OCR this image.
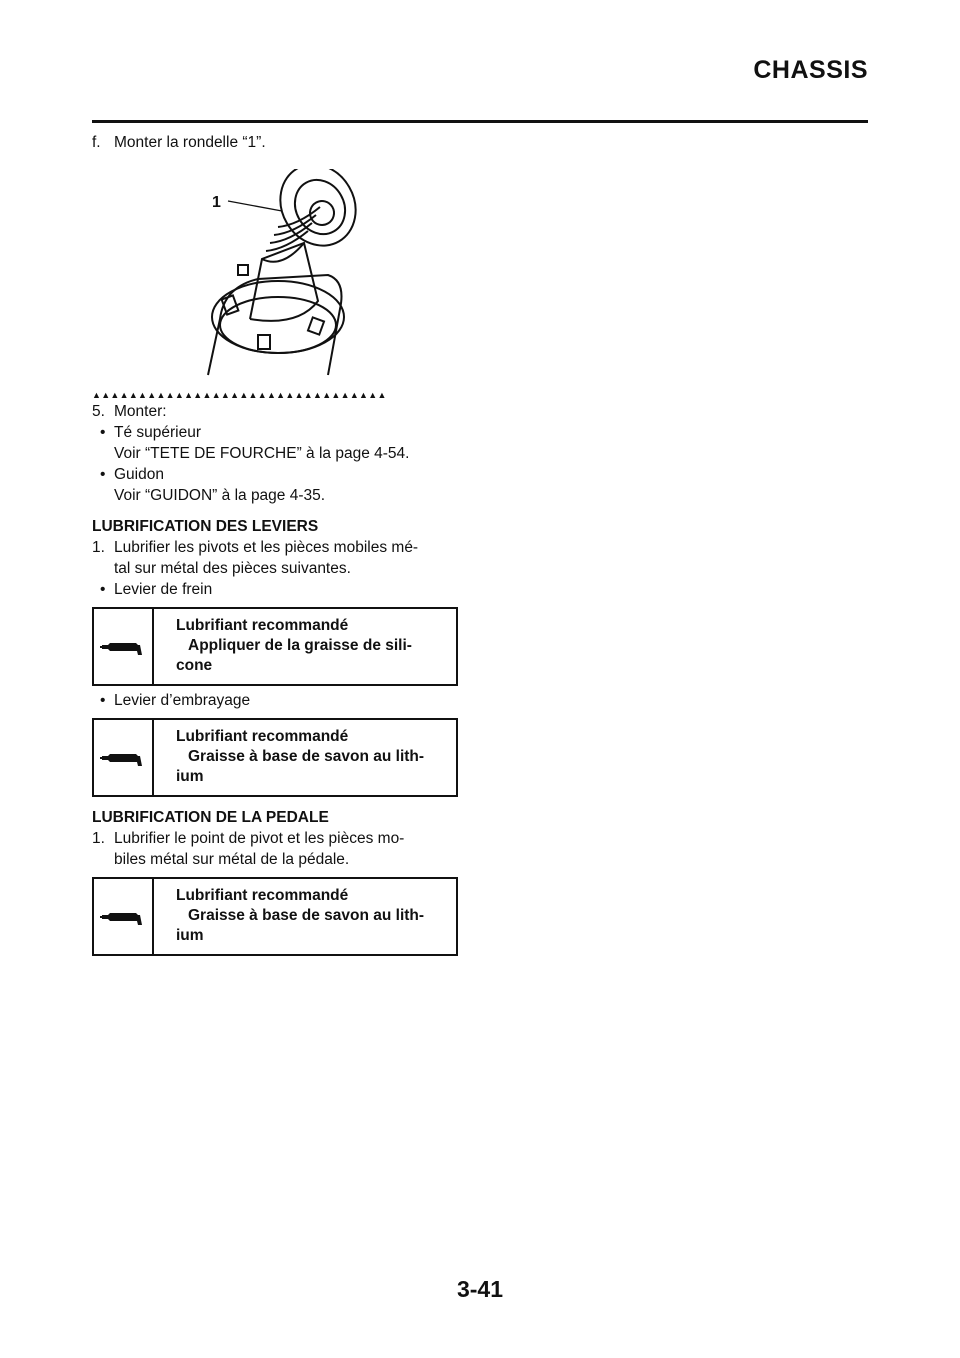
CHASSIS
f. Monter la rondelle “1”.
1
▲▲▲▲▲▲▲▲▲▲▲▲▲▲▲▲▲▲▲▲▲▲▲▲▲▲▲▲▲▲▲▲
5. Monter:
• Té supérieur
Voir “TETE DE FOURCHE” à la page 4-54.
• Guidon
Voir “GUIDON” à la page 4-35.
LUBRIFICATION DES LEVIERS
1. Lubrifier les pivots et les pièces mobiles mé-
tal sur métal des pièces suivantes.
• Levier de frein
Lubrifiant recommandé
Appliquer de la graisse de sili-
cone
• Levier d’embrayage
Lubrifiant recommandé
Graisse à base de savon au lith-
ium
LUBRIFICATION DE LA PEDALE
1. Lubrifier le point de pivot et les pièces mo-
biles métal sur métal de la pédale.
Lubrifiant recommandé
Graisse à base de savon au lith-
ium
3-41
